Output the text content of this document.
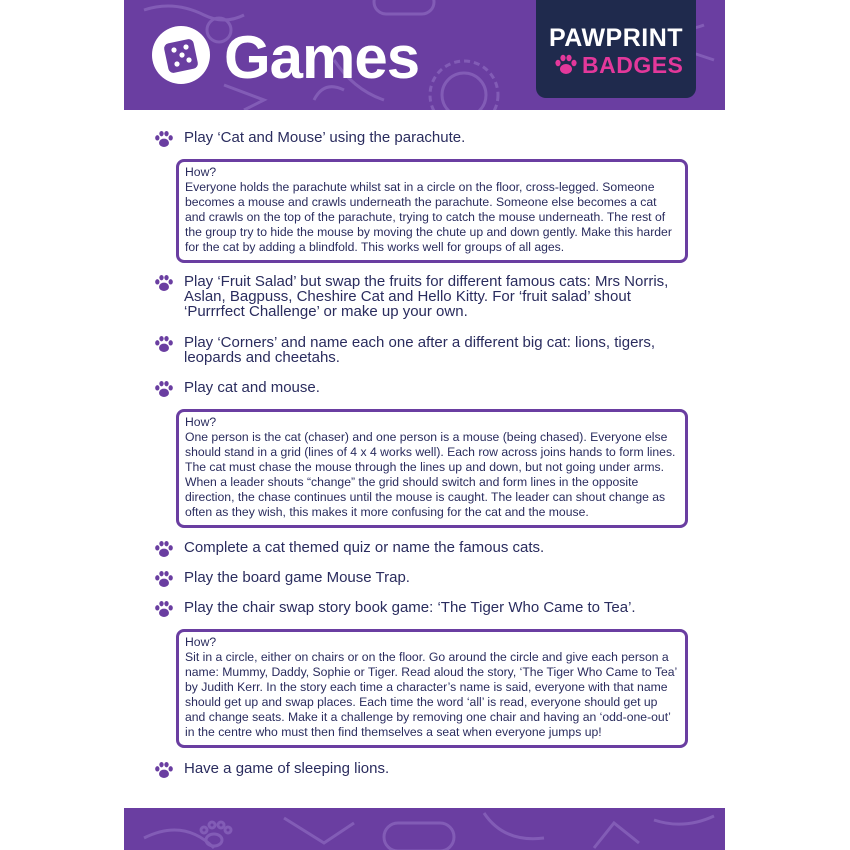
Games	PAWPRINT
BADGES
Play ‘Cat and Mouse’ using the parachute.
How?
Everyone holds the parachute whilst sat in a circle on the floor, cross-legged. Someone becomes a mouse and crawls underneath the parachute. Someone else becomes a cat and crawls on the top of the parachute, trying to catch the mouse underneath. The rest of the group try to hide the mouse by moving the chute up and down gently. Make this harder for the cat by adding a blindfold. This works well for groups of all ages.
Play ‘Fruit Salad’ but swap the fruits for different famous cats: Mrs Norris, Aslan, Bagpuss, Cheshire Cat and Hello Kitty. For ‘fruit salad’ shout ‘Purrrfect Challenge’ or make up your own.
Play ‘Corners’ and name each one after a different big cat: lions, tigers, leopards and cheetahs.
Play cat and mouse.
How?
One person is the cat (chaser) and one person is a mouse (being chased). Everyone else should stand in a grid (lines of 4 x 4 works well). Each row across joins hands to form lines. The cat must chase the mouse through the lines up and down, but not going under arms. When a leader shouts “change” the grid should switch and form lines in the opposite direction, the chase continues until the mouse is caught. The leader can shout change as often as they wish, this makes it more confusing for the cat and the mouse.
Complete a cat themed quiz or name the famous cats.
Play the board game Mouse Trap.
Play the chair swap story book game: ‘The Tiger Who Came to Tea’.
How?
Sit in a circle, either on chairs or on the floor. Go around the circle and give each person a name: Mummy, Daddy, Sophie or Tiger. Read aloud the story, ‘The Tiger Who Came to Tea’ by Judith Kerr. In the story each time a character’s name is said, everyone with that name should get up and swap places. Each time the word ‘all’ is read, everyone should get up and change seats. Make it a challenge by removing one chair and having an ‘odd-one-out’ in the centre who must then find themselves a seat when everyone jumps up!
Have a game of sleeping lions.
